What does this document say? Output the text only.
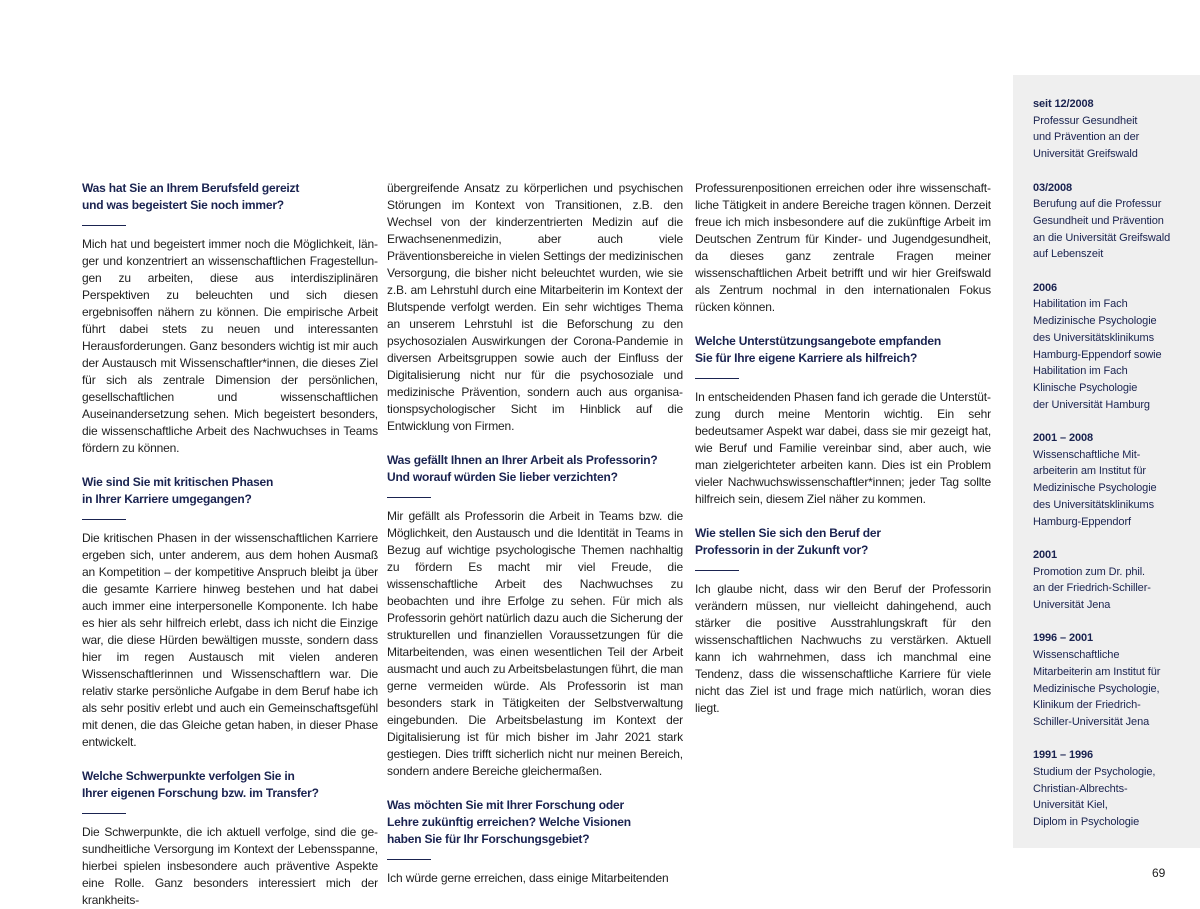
Was hat Sie an Ihrem Berufsfeld gereizt
und was begeistert Sie noch immer?

Mich hat und begeistert immer noch die Möglichkeit, länger und konzentriert an wissenschaftlichen Fragestellungen zu arbeiten, diese aus interdisziplinären Perspektiven zu beleuchten und sich diesen ergebnisoffen nähern zu können. Die empirische Arbeit führt dabei stets zu neuen und interessanten Herausforderungen. Ganz besonders wichtig ist mir auch der Austausch mit Wissenschaftler*innen, die dieses Ziel für sich als zentrale Dimension der persönlichen, gesellschaftlichen und wissenschaftlichen Auseinandersetzung sehen. Mich begeistert besonders, die wissenschaftliche Arbeit des Nachwuchses in Teams fördern zu können.

Wie sind Sie mit kritischen Phasen
in Ihrer Karriere umgegangen?

Die kritischen Phasen in der wissenschaftlichen Karriere ergeben sich, unter anderem, aus dem hohen Ausmaß an Kompetition – der kompetitive Anspruch bleibt ja über die gesamte Karriere hinweg bestehen und hat dabei auch immer eine interpersonelle Komponente. Ich habe es hier als sehr hilfreich erlebt, dass ich nicht die Einzige war, die diese Hürden bewältigen musste, sondern dass hier im regen Austausch mit vielen anderen Wissenschaftlerinnen und Wissenschaftlern war. Die relativ starke persönliche Aufgabe in dem Beruf habe ich als sehr positiv erlebt und auch ein Gemeinschaftsgefühl mit denen, die das Gleiche getan haben, in dieser Phase entwickelt.

Welche Schwerpunkte verfolgen Sie in
Ihrer eigenen Forschung bzw. im Transfer?

Die Schwerpunkte, die ich aktuell verfolge, sind die gesundheitliche Versorgung im Kontext der Lebensspanne, hierbei spielen insbesondere auch präventive Aspekte eine Rolle. Ganz besonders interessiert mich der krankheits-

übergreifende Ansatz zu körperlichen und psychischen Störungen im Kontext von Transitionen, z.B. den Wechsel von der kinderzentrierten Medizin auf die Erwachsenenmedizin, aber auch viele Präventionsbereiche in vielen Settings der medizinischen Versorgung, die bisher nicht beleuchtet wurden, wie sie z.B. am Lehrstuhl durch eine Mitarbeiterin im Kontext der Blutspende verfolgt werden. Ein sehr wichtiges Thema an unserem Lehrstuhl ist die Beforschung zu den psychosozialen Auswirkungen der Corona-Pandemie in diversen Arbeitsgruppen sowie auch der Einfluss der Digitalisierung nicht nur für die psychosoziale und medizinische Prävention, sondern auch aus organisationspsychologischer Sicht im Hinblick auf die Entwicklung von Firmen.

Was gefällt Ihnen an Ihrer Arbeit als Professorin?
Und worauf würden Sie lieber verzichten?

Mir gefällt als Professorin die Arbeit in Teams bzw. die Möglichkeit, den Austausch und die Identität in Teams in Bezug auf wichtige psychologische Themen nachhaltig zu fördern Es macht mir viel Freude, die wissenschaftliche Arbeit des Nachwuchses zu beobachten und ihre Erfolge zu sehen. Für mich als Professorin gehört natürlich dazu auch die Sicherung der strukturellen und finanziellen Voraussetzungen für die Mitarbeitenden, was einen wesentlichen Teil der Arbeit ausmacht und auch zu Arbeitsbelastungen führt, die man gerne vermeiden würde. Als Professorin ist man besonders stark in Tätigkeiten der Selbstverwaltung eingebunden. Die Arbeitsbelastung im Kontext der Digitalisierung ist für mich bisher im Jahr 2021 stark gestiegen. Dies trifft sicherlich nicht nur meinen Bereich, sondern andere Bereiche gleichermaßen.

Was möchten Sie mit Ihrer Forschung oder
Lehre zukünftig erreichen? Welche Visionen
haben Sie für Ihr Forschungsgebiet?

Ich würde gerne erreichen, dass einige Mitarbeitenden

Professurenpositionen erreichen oder ihre wissenschaftliche Tätigkeit in andere Bereiche tragen können. Derzeit freue ich mich insbesondere auf die zukünftige Arbeit im Deutschen Zentrum für Kinder- und Jugendgesundheit, da dieses ganz zentrale Fragen meiner wissenschaftlichen Arbeit betrifft und wir hier Greifswald als Zentrum nochmal in den internationalen Fokus rücken können.

Welche Unterstützungsangebote empfanden
Sie für Ihre eigene Karriere als hilfreich?

In entscheidenden Phasen fand ich gerade die Unterstützung durch meine Mentorin wichtig. Ein sehr bedeutsamer Aspekt war dabei, dass sie mir gezeigt hat, wie Beruf und Familie vereinbar sind, aber auch, wie man zielgerichteter arbeiten kann. Dies ist ein Problem vieler Nachwuchswissenschaftler*innen; jeder Tag sollte hilfreich sein, diesem Ziel näher zu kommen.

Wie stellen Sie sich den Beruf der
Professorin in der Zukunft vor?

Ich glaube nicht, dass wir den Beruf der Professorin verändern müssen, nur vielleicht dahingehend, auch stärker die positive Ausstrahlungskraft für den wissenschaftlichen Nachwuchs zu verstärken. Aktuell kann ich wahrnehmen, dass ich manchmal eine Tendenz, dass die wissenschaftliche Karriere für viele nicht das Ziel ist und frage mich natürlich, woran dies liegt.

seit 12/2008
Professur Gesundheit
und Prävention an der
Universität Greifswald
03/2008
Berufung auf die Professur
Gesundheit und Prävention
an die Universität Greifswald
auf Lebenszeit
2006
Habilitation im Fach
Medizinische Psychologie
des Universitätsklinikums
Hamburg-Eppendorf sowie
Habilitation im Fach
Klinische Psychologie
der Universität Hamburg
2001 – 2008
Wissenschaftliche Mit-
arbeiterin am Institut für
Medizinische Psychologie
des Universitätsklinikums
Hamburg-Eppendorf
2001
Promotion zum Dr. phil.
an der Friedrich-Schiller-
Universität Jena
1996 – 2001
Wissenschaftliche
Mitarbeiterin am Institut für
Medizinische Psychologie,
Klinikum der Friedrich-
Schiller-Universität Jena
1991 – 1996
Studium der Psychologie,
Christian-Albrechts-
Universität Kiel,
Diplom in Psychologie
69
